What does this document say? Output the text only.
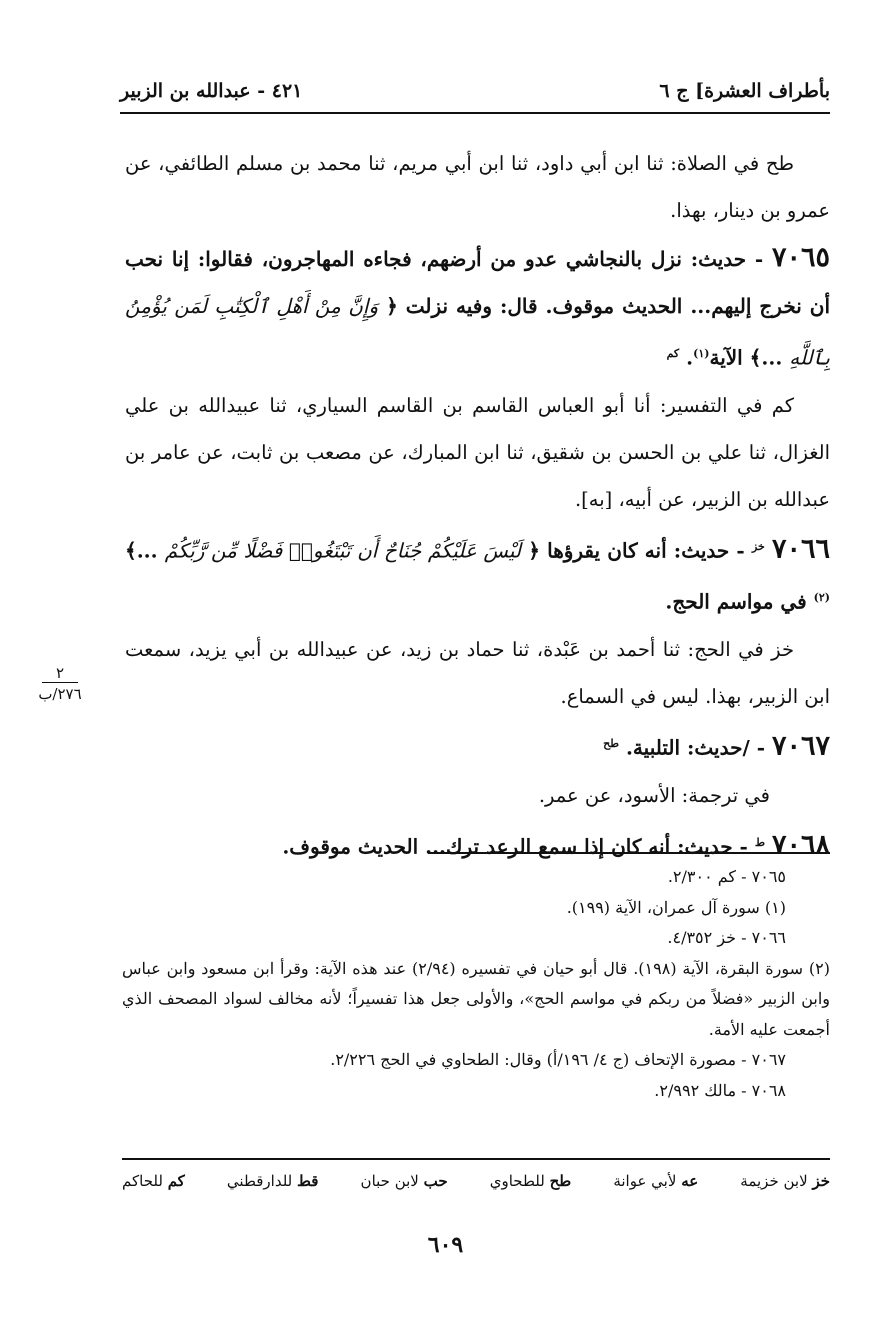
بأطراف العشرة] ج ٦
٤٢١ - عبدالله بن الزبير

طح في الصلاة: ثنا ابن أبي داود، ثنا ابن أبي مريم، ثنا محمد بن مسلم الطائفي، عن عمرو بن دينار، بهذا.

٧٠٦٥ - حديث: نزل بالنجاشي عدو من أرضهم، فجاءه المهاجرون، فقالوا: إنا نحب أن نخرج إليهم... الحديث موقوف. قال: وفيه نزلت ﴿ وَإِنَّ مِنْ أَهْلِ ٱلْكِتَٰبِ لَمَن يُؤْمِنُ بِٱللَّهِ ...﴾ الآية$^{(١)}$. $^{كم}$

كم في التفسير: أنا أبو العباس القاسم بن القاسم السياري، ثنا عبيدالله بن علي الغزال، ثنا علي بن الحسن بن شقيق، ثنا ابن المبارك، عن مصعب بن ثابت، عن عامر بن عبدالله بن الزبير، عن أبيه، [به].

٧٠٦٦ $^{خز}$ - حديث: أنه كان يقرؤها ﴿ لَيْسَ عَلَيْكُمْ جُنَاحٌ أَن تَبْتَغُوا۟ فَضْلًا مِّن رَّبِّكُمْ ...﴾$^{(٢)}$ في مواسم الحج.

خز في الحج: ثنا أحمد بن عَبْدة، ثنا حماد بن زيد، عن عبيدالله بن أبي يزيد، سمعت ابن الزبير، بهذا. ليس في السماع.

٧٠٦٧ - /حديث: التلبية. $^{طح}$

في ترجمة: الأسود، عن عمر.

٧٠٦٨ $^ط$ - حديث: أنه كان إذا سمع الرعد ترك... الحديث موقوف.

٢
٢٧٦/ب

٧٠٦٥ - كم ٢/٣٠٠.

(١) سورة آل عمران، الآية (١٩٩).

٧٠٦٦ - خز ٤/٣٥٢.

(٢) سورة البقرة، الآية (١٩٨). قال أبو حيان في تفسيره (٢/٩٤) عند هذه الآية: وقرأ ابن مسعود وابن عباس وابن الزبير «فضلاً من ربكم في مواسم الحج»، والأولى جعل هذا تفسيراً؛ لأنه مخالف لسواد المصحف الذي أجمعت عليه الأمة.

٧٠٦٧ - مصورة الإتحاف (ج ٤/ ١٩٦/أ) وقال: الطحاوي في الحج ٢/٢٢٦.

٧٠٦٨ - مالك ٢/٩٩٢.

خز لابن خزيمة
عه لأبي عوانة
طح للطحاوي
حب لابن حبان
قط للدارقطني
كم للحاكم
٦٠٩
